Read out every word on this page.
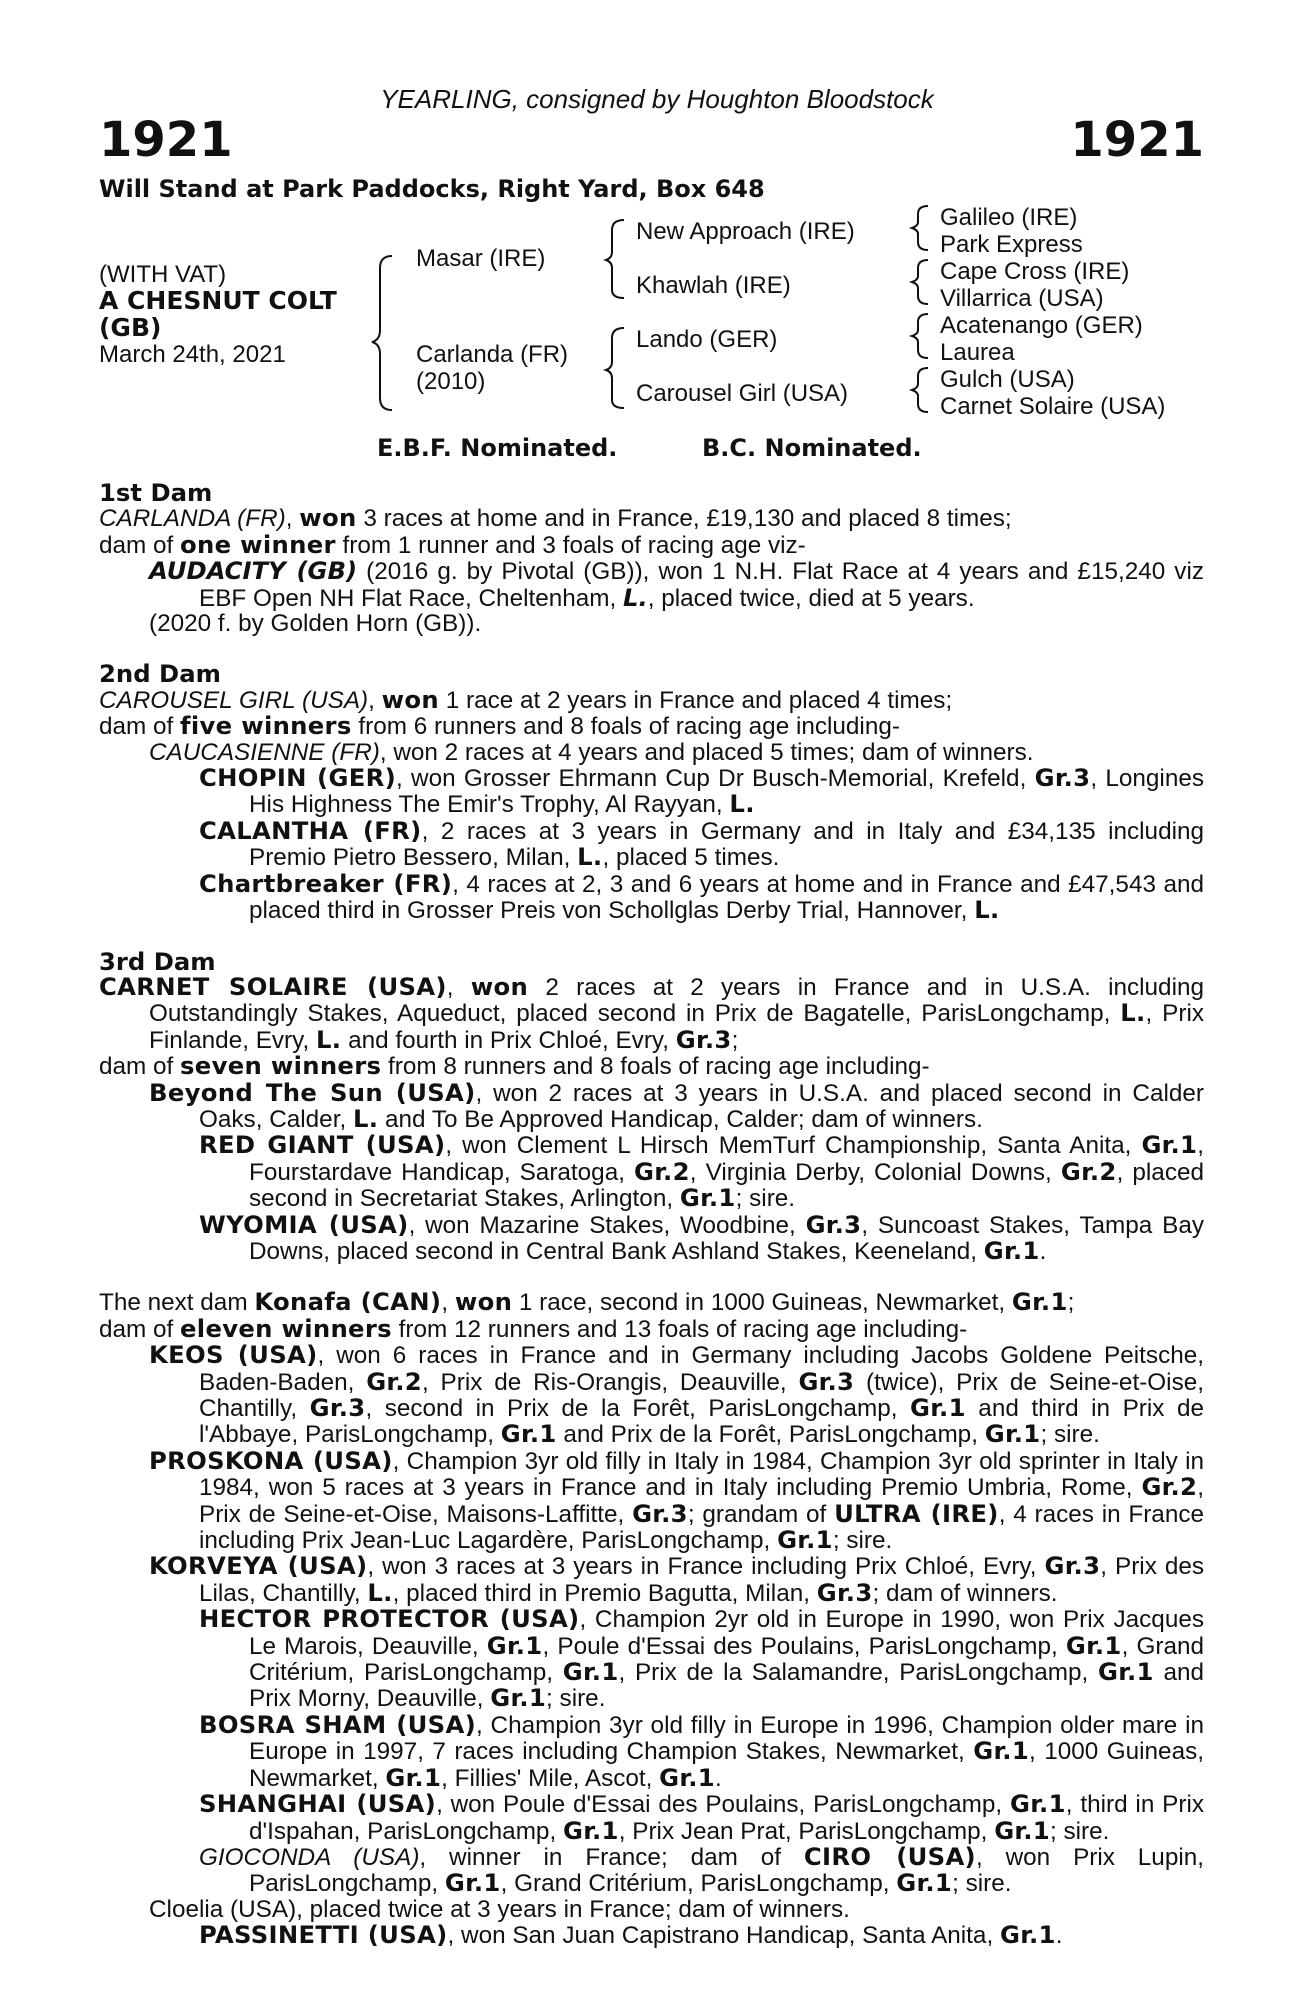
YEARLING, consigned by Houghton Bloodstock
1921	1921
Will Stand at Park Paddocks, Right Yard, Box 648
(WITH VAT)
A CHESNUT COLT
(GB)
March 24th, 2021
Masar (IRE)
Carlanda (FR)
(2010)
New Approach (IRE)
Khawlah (IRE)
Lando (GER)
Carousel Girl (USA)
Galileo (IRE)
Park Express
Cape Cross (IRE)
Villarrica (USA)
Acatenango (GER)
Laurea
Gulch (USA)
Carnet Solaire (USA)
E.B.F. Nominated.	B.C. Nominated.
1st Dam
CARLANDA (FR), won 3 races at home and in France, £19,130 and placed 8 times;
dam of one winner from 1 runner and 3 foals of racing age viz-
AUDACITY (GB) (2016 g. by Pivotal (GB)), won 1 N.H. Flat Race at 4 years and £15,240 viz EBF Open NH Flat Race, Cheltenham, L., placed twice, died at 5 years.
(2020 f. by Golden Horn (GB)).
2nd Dam
CAROUSEL GIRL (USA), won 1 race at 2 years in France and placed 4 times;
dam of five winners from 6 runners and 8 foals of racing age including-
CAUCASIENNE (FR), won 2 races at 4 years and placed 5 times; dam of winners.
CHOPIN (GER), won Grosser Ehrmann Cup Dr Busch-Memorial, Krefeld, Gr.3, Longines His Highness The Emir's Trophy, Al Rayyan, L.
CALANTHA (FR), 2 races at 3 years in Germany and in Italy and £34,135 including Premio Pietro Bessero, Milan, L., placed 5 times.
Chartbreaker (FR), 4 races at 2, 3 and 6 years at home and in France and £47,543 and placed third in Grosser Preis von Schollglas Derby Trial, Hannover, L.
3rd Dam
CARNET SOLAIRE (USA), won 2 races at 2 years in France and in U.S.A. including Outstandingly Stakes, Aqueduct, placed second in Prix de Bagatelle, ParisLongchamp, L., Prix Finlande, Evry, L. and fourth in Prix Chloé, Evry, Gr.3;
dam of seven winners from 8 runners and 8 foals of racing age including-
Beyond The Sun (USA), won 2 races at 3 years in U.S.A. and placed second in Calder Oaks, Calder, L. and To Be Approved Handicap, Calder; dam of winners.
RED GIANT (USA), won Clement L Hirsch MemTurf Championship, Santa Anita, Gr.1, Fourstardave Handicap, Saratoga, Gr.2, Virginia Derby, Colonial Downs, Gr.2, placed second in Secretariat Stakes, Arlington, Gr.1; sire.
WYOMIA (USA), won Mazarine Stakes, Woodbine, Gr.3, Suncoast Stakes, Tampa Bay Downs, placed second in Central Bank Ashland Stakes, Keeneland, Gr.1.
The next dam Konafa (CAN), won 1 race, second in 1000 Guineas, Newmarket, Gr.1;
dam of eleven winners from 12 runners and 13 foals of racing age including-
KEOS (USA), won 6 races in France and in Germany including Jacobs Goldene Peitsche, Baden-Baden, Gr.2, Prix de Ris-Orangis, Deauville, Gr.3 (twice), Prix de Seine-et-Oise, Chantilly, Gr.3, second in Prix de la Forêt, ParisLongchamp, Gr.1 and third in Prix de l'Abbaye, ParisLongchamp, Gr.1 and Prix de la Forêt, ParisLongchamp, Gr.1; sire.
PROSKONA (USA), Champion 3yr old filly in Italy in 1984, Champion 3yr old sprinter in Italy in 1984, won 5 races at 3 years in France and in Italy including Premio Umbria, Rome, Gr.2, Prix de Seine-et-Oise, Maisons-Laffitte, Gr.3; grandam of ULTRA (IRE), 4 races in France including Prix Jean-Luc Lagardère, ParisLongchamp, Gr.1; sire.
KORVEYA (USA), won 3 races at 3 years in France including Prix Chloé, Evry, Gr.3, Prix des Lilas, Chantilly, L., placed third in Premio Bagutta, Milan, Gr.3; dam of winners.
HECTOR PROTECTOR (USA), Champion 2yr old in Europe in 1990, won Prix Jacques Le Marois, Deauville, Gr.1, Poule d'Essai des Poulains, ParisLongchamp, Gr.1, Grand Critérium, ParisLongchamp, Gr.1, Prix de la Salamandre, ParisLongchamp, Gr.1 and Prix Morny, Deauville, Gr.1; sire.
BOSRA SHAM (USA), Champion 3yr old filly in Europe in 1996, Champion older mare in Europe in 1997, 7 races including Champion Stakes, Newmarket, Gr.1, 1000 Guineas, Newmarket, Gr.1, Fillies' Mile, Ascot, Gr.1.
SHANGHAI (USA), won Poule d'Essai des Poulains, ParisLongchamp, Gr.1, third in Prix d'Ispahan, ParisLongchamp, Gr.1, Prix Jean Prat, ParisLongchamp, Gr.1; sire.
GIOCONDA (USA), winner in France; dam of CIRO (USA), won Prix Lupin, ParisLongchamp, Gr.1, Grand Critérium, ParisLongchamp, Gr.1; sire.
Cloelia (USA), placed twice at 3 years in France; dam of winners.
PASSINETTI (USA), won San Juan Capistrano Handicap, Santa Anita, Gr.1.
